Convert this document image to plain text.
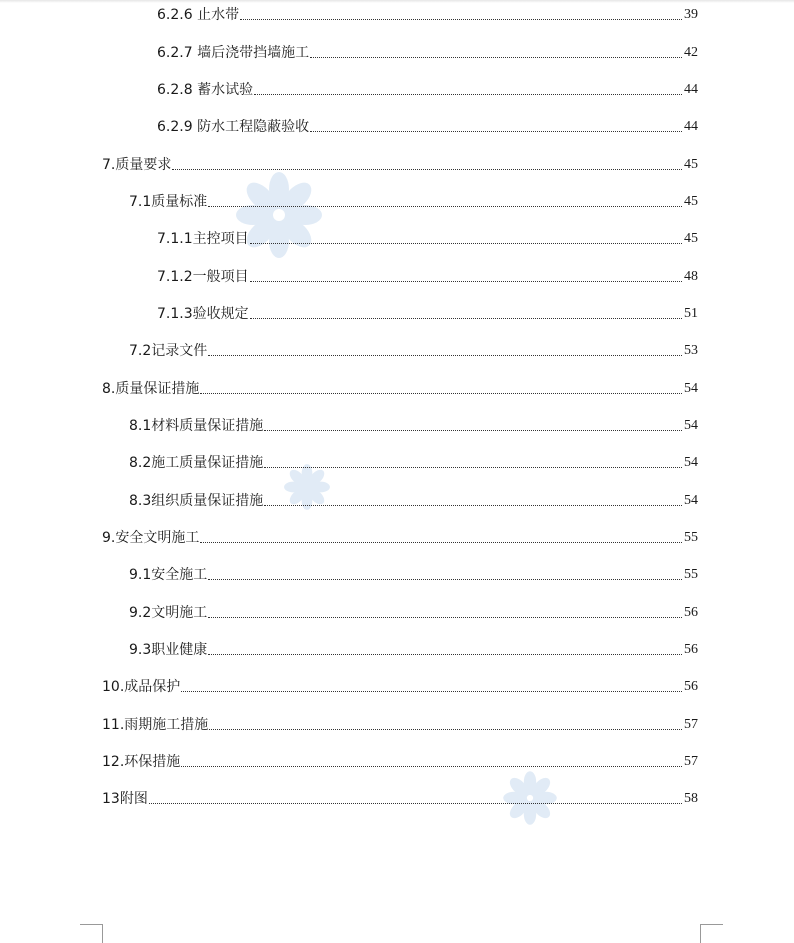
6.2.6 止水带	39
6.2.7 墙后浇带挡墙施工	42
6.2.8 蓄水试验	44
6.2.9 防水工程隐蔽验收	44
7.质量要求	45
7.1质量标准	45
7.1.1主控项目	45
7.1.2一般项目	48
7.1.3验收规定	51
7.2记录文件	53
8.质量保证措施	54
8.1材料质量保证措施	54
8.2施工质量保证措施	54
8.3组织质量保证措施	54
9.安全文明施工	55
9.1安全施工	55
9.2文明施工	56
9.3职业健康	56
10.成品保护	56
11.雨期施工措施	57
12.环保措施	57
13附图	58
